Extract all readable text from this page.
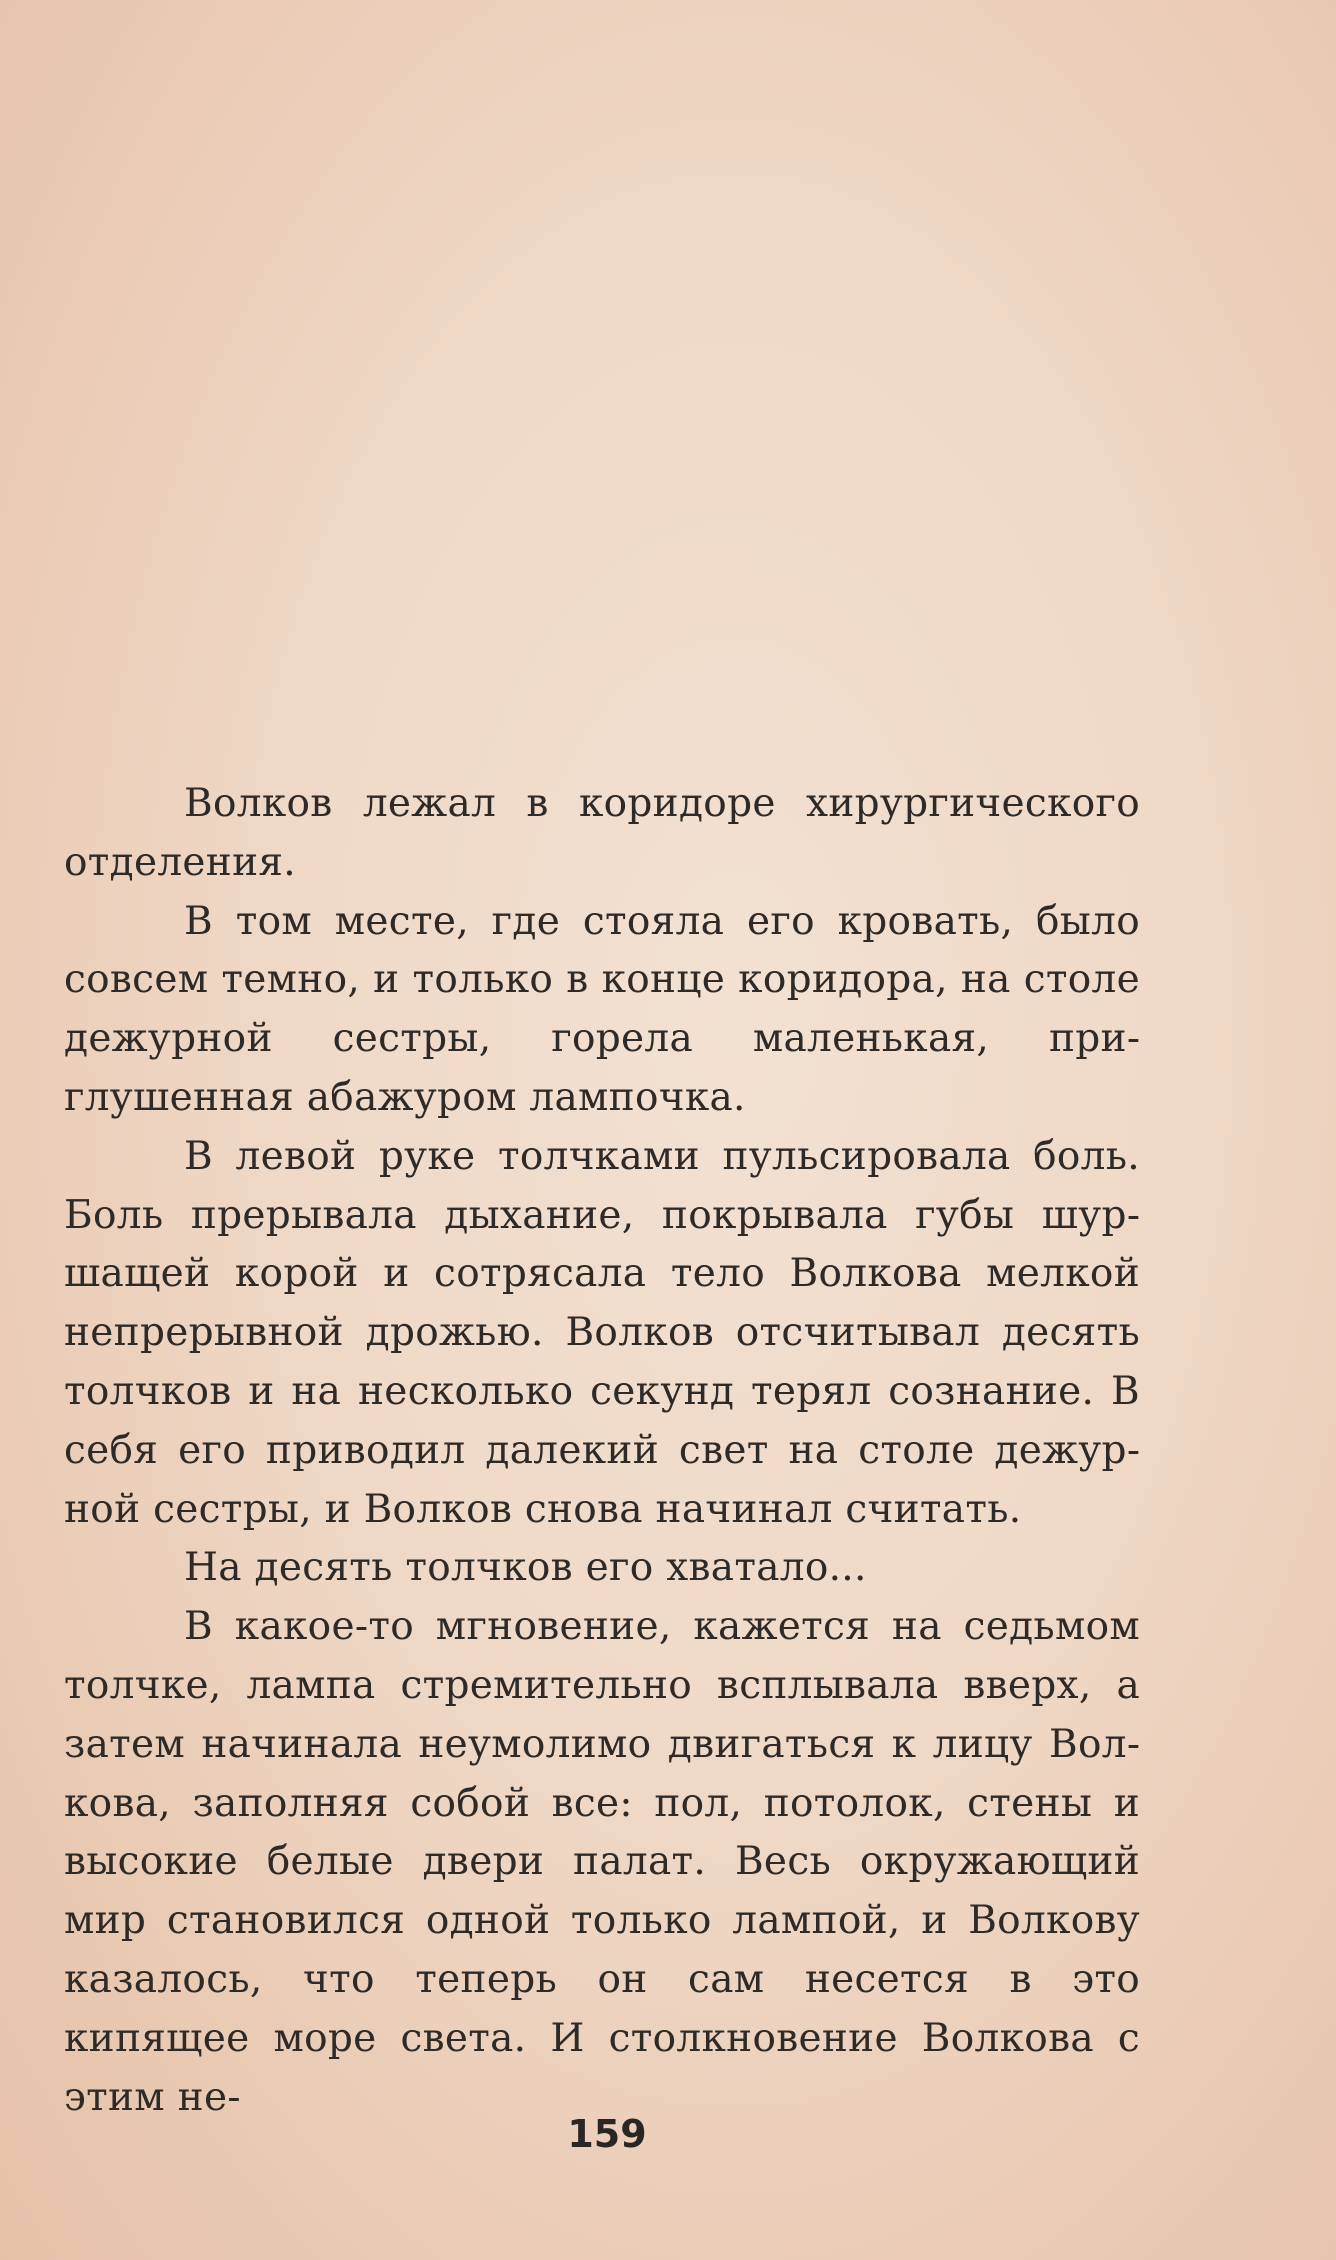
Волков лежал в коридоре хирургического отделения.

В том месте, где стояла его кровать, было совсем темно, и только в конце коридора, на столе дежурной сестры, горела маленькая, приглушенная абажуром лампочка.

В левой руке толчками пульсировала боль. Боль прерывала дыхание, покрывала губы шуршащей корой и сотрясала тело Волкова мелкой непрерывной дрожью. Волков отсчитывал десять толчков и на несколько секунд терял сознание. В себя его приводил далекий свет на столе дежурной сестры, и Волков снова начинал считать.

На десять толчков его хватало...

В какое-то мгновение, кажется на седьмом толчке, лампа стремительно всплывала вверх, а затем начинала неумолимо двигаться к лицу Волкова, заполняя собой все: пол, потолок, стены и высокие белые двери палат. Весь окружающий мир становился одной только лампой, и Волкову казалось, что теперь он сам несется в это кипящее море света. И столкновение Волкова с этим не-

159
